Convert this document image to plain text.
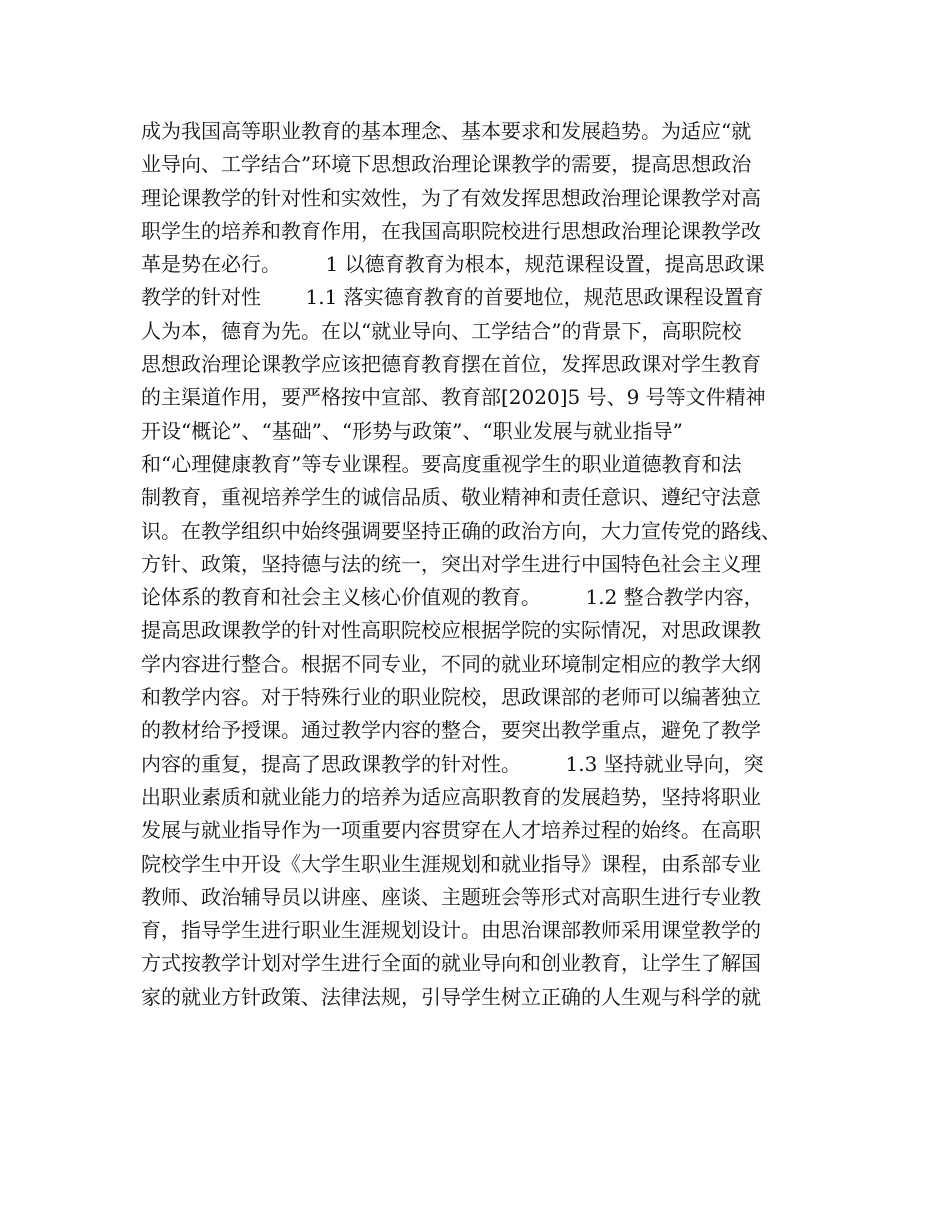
成为我国高等职业教育的基本理念、基本要求和发展趋势。为适应“就
业导向、工学结合”环境下思想政治理论课教学的需要，提高思想政治
理论课教学的针对性和实效性，为了有效发挥思想政治理论课教学对高
职学生的培养和教育作用，在我国高职院校进行思想政治理论课教学改
革是势在必行。       1 以德育教育为根本，规范课程设置，提高思政课
教学的针对性       1.1 落实德育教育的首要地位，规范思政课程设置育
人为本，德育为先。在以“就业导向、工学结合”的背景下，高职院校
思想政治理论课教学应该把德育教育摆在首位，发挥思政课对学生教育
的主渠道作用，要严格按中宣部、教育部[2020]5 号、9 号等文件精神
开设“概论”、“基础”、“形势与政策”、“职业发展与就业指导”
和“心理健康教育”等专业课程。要高度重视学生的职业道德教育和法
制教育，重视培养学生的诚信品质、敬业精神和责任意识、遵纪守法意
识。在教学组织中始终强调要坚持正确的政治方向，大力宣传党的路线、
方针、政策，坚持德与法的统一，突出对学生进行中国特色社会主义理
论体系的教育和社会主义核心价值观的教育。       1.2 整合教学内容，
提高思政课教学的针对性高职院校应根据学院的实际情况，对思政课教
学内容进行整合。根据不同专业，不同的就业环境制定相应的教学大纲
和教学内容。对于特殊行业的职业院校，思政课部的老师可以编著独立
的教材给予授课。通过教学内容的整合，要突出教学重点，避免了教学
内容的重复，提高了思政课教学的针对性。       1.3 坚持就业导向，突
出职业素质和就业能力的培养为适应高职教育的发展趋势，坚持将职业
发展与就业指导作为一项重要内容贯穿在人才培养过程的始终。在高职
院校学生中开设《大学生职业生涯规划和就业指导》课程，由系部专业
教师、政治辅导员以讲座、座谈、主题班会等形式对高职生进行专业教
育，指导学生进行职业生涯规划设计。由思治课部教师采用课堂教学的
方式按教学计划对学生进行全面的就业导向和创业教育，让学生了解国
家的就业方针政策、法律法规，引导学生树立正确的人生观与科学的就
